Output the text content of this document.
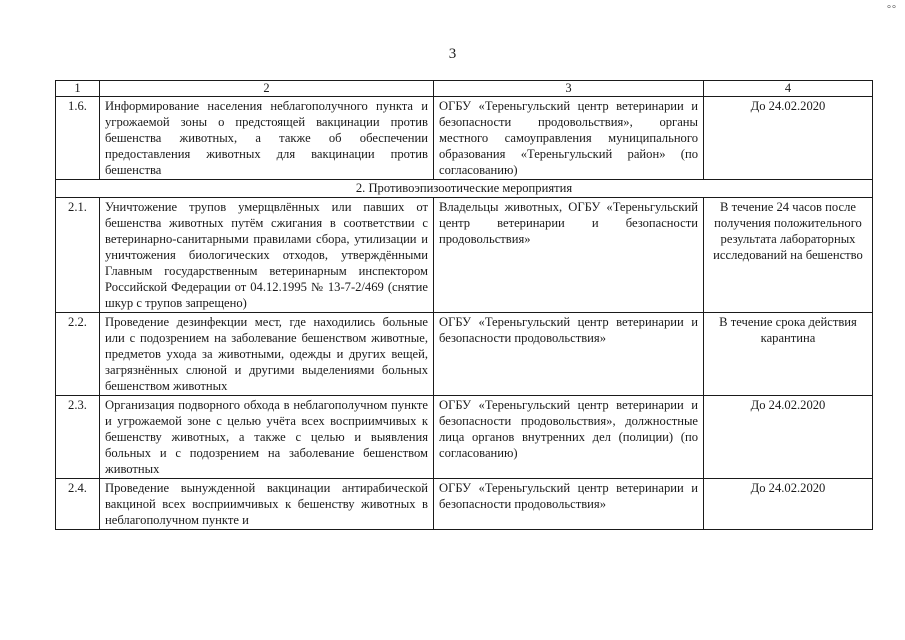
°°
3
1	2	3	4
1.6.	Информирование населения неблагополучного пункта и угрожаемой зоны о предстоящей вакцинации против бешенства животных, а также об обеспечении предоставления животных для вакцинации против бешенства	ОГБУ «Тереньгульский центр ветеринарии и безопасности продовольствия», органы местного самоуправления муниципального образования «Тереньгульский район» (по согласованию)	До 24.02.2020
2. Противоэпизоотические мероприятия			
2.1.	Уничтожение трупов умерщвлённых или павших от бешенства животных путём сжигания в соответствии с ветеринарно-санитарными правилами сбора, утилизации и уничтожения биологических отходов, утверждёнными Главным государственным ветеринарным инспектором Российской Федерации от 04.12.1995 № 13-7-2/469 (снятие шкур с трупов запрещено)	Владельцы животных, ОГБУ «Тереньгульский центр ветеринарии и безопасности продовольствия»	В течение 24 часов после получения положительного результата лабораторных исследований на бешенство
2.2.	Проведение дезинфекции мест, где находились больные или с подозрением на заболевание бешенством животные, предметов ухода за животными, одежды и других вещей, загрязнённых слюной и другими выделениями больных бешенством животных	ОГБУ «Тереньгульский центр ветеринарии и безопасности продовольствия»	В течение срока действия карантина
2.3.	Организация подворного обхода в неблагополучном пункте и угрожаемой зоне с целью учёта всех восприимчивых к бешенству животных, а также с целью и выявления больных и с подозрением на заболевание бешенством животных	ОГБУ «Тереньгульский центр ветеринарии и безопасности продовольствия», должностные лица органов внутренних дел (полиции) (по согласованию)	До 24.02.2020
2.4.	Проведение вынужденной вакцинации антирабической вакциной всех восприимчивых к бешенству животных в неблагополучном пункте и	ОГБУ «Тереньгульский центр ветеринарии и безопасности продовольствия»	До 24.02.2020
